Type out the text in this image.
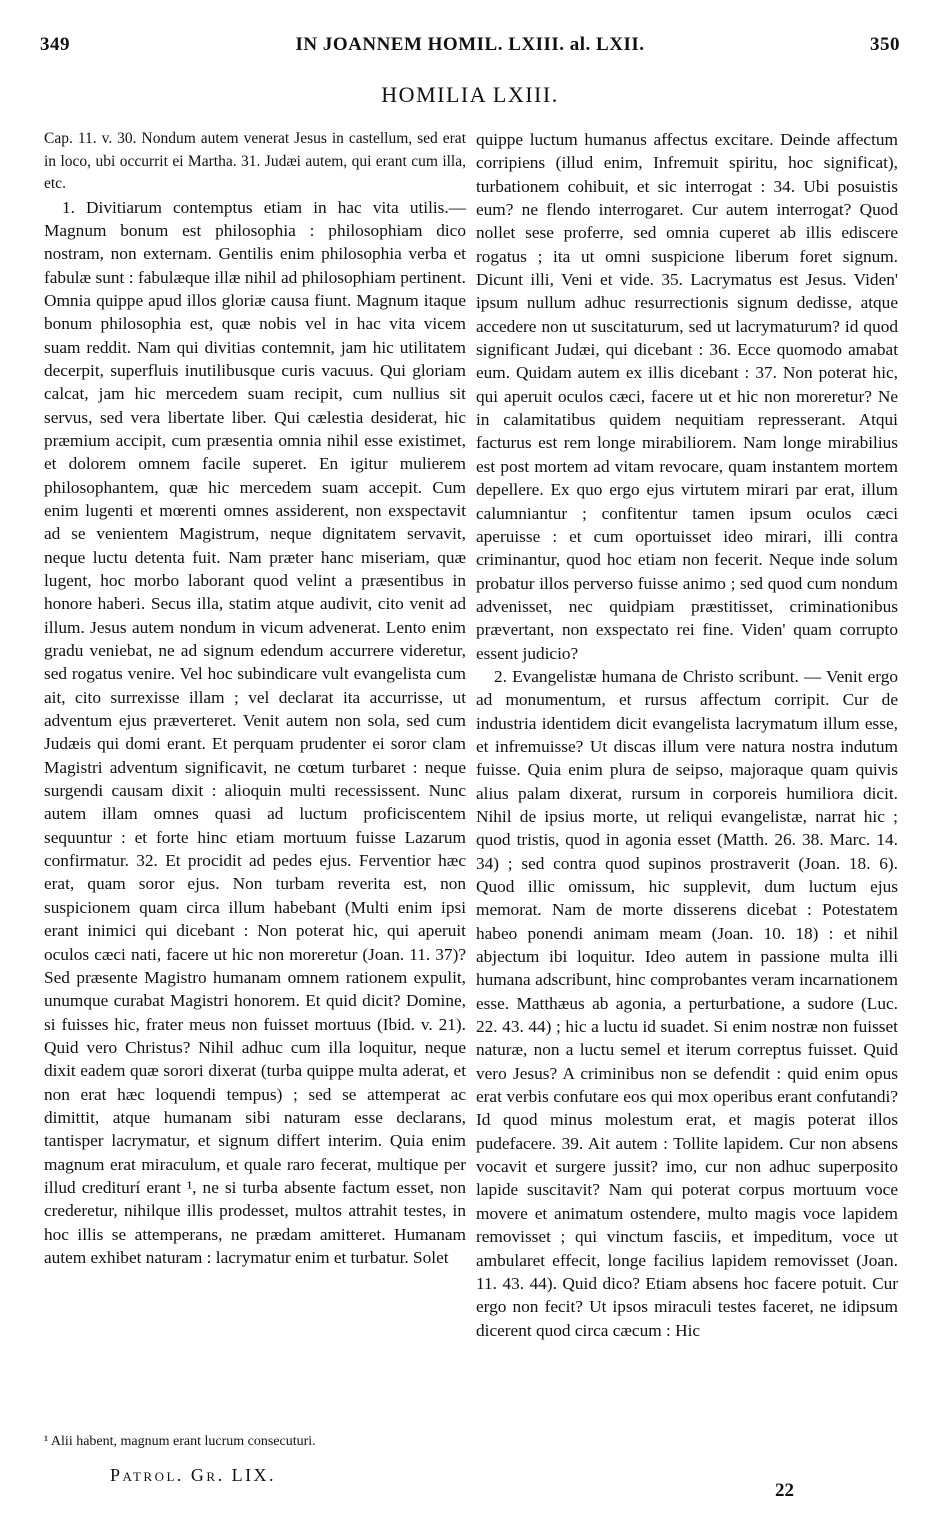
349	IN JOANNEM HOMIL. LXIII. al. LXII.	350
HOMILIA LXIII.

Cap. 11. v. 30. Nondum autem venerat Jesus in castellum, sed erat in loco, ubi occurrit ei Martha. 31. Judæi autem, qui erant cum illa, etc.

1. Divitiarum contemptus etiam in hac vita utilis.— Magnum bonum est philosophia : philosophiam dico nostram, non externam. Gentilis enim philosophia verba et fabulæ sunt : fabulæque illæ nihil ad philosophiam pertinent. Omnia quippe apud illos gloriæ causa fiunt. Magnum itaque bonum philosophia est, quæ nobis vel in hac vita vicem suam reddit. Nam qui divitias contemnit, jam hic utilitatem decerpit, superfluis inutilibusque curis vacuus. Qui gloriam calcat, jam hic mercedem suam recipit, cum nullius sit servus, sed vera libertate liber. Qui cælestia desiderat, hic præmium accipit, cum præsentia omnia nihil esse existimet, et dolorem omnem facile superet. En igitur mulierem philosophantem, quæ hic mercedem suam accepit. Cum enim lugenti et mœrenti omnes assiderent, non exspectavit ad se venientem Magistrum, neque dignitatem servavit, neque luctu detenta fuit. Nam præter hanc miseriam, quæ lugent, hoc morbo laborant quod velint a præsentibus in honore haberi. Secus illa, statim atque audivit, cito venit ad illum. Jesus autem nondum in vicum advenerat. Lento enim gradu veniebat, ne ad signum edendum accurrere videretur, sed rogatus venire. Vel hoc subindicare vult evangelista cum ait, cito surrexisse illam ; vel declarat ita accurrisse, ut adventum ejus præverteret. Venit autem non sola, sed cum Judæis qui domi erant. Et perquam prudenter ei soror clam Magistri adventum significavit, ne cœtum turbaret : neque surgendi causam dixit : alioquin multi recessissent. Nunc autem illam omnes quasi ad luctum proficiscentem sequuntur : et forte hinc etiam mortuum fuisse Lazarum confirmatur. 32. Et procidit ad pedes ejus. Ferventior hæc erat, quam soror ejus. Non turbam reverita est, non suspicionem quam circa illum habebant (Multi enim ipsi erant inimici qui dicebant : Non poterat hic, qui aperuit oculos cæci nati, facere ut hic non moreretur (Joan. 11. 37)? Sed præsente Magistro humanam omnem rationem expulit, unumque curabat Magistri honorem. Et quid dicit? Domine, si fuisses hic, frater meus non fuisset mortuus (Ibid. v. 21). Quid vero Christus? Nihil adhuc cum illa loquitur, neque dixit eadem quæ sorori dixerat (turba quippe multa aderat, et non erat hæc loquendi tempus) ; sed se attemperat ac dimittit, atque humanam sibi naturam esse declarans, tantisper lacrymatur, et signum differt interim. Quia enim magnum erat miraculum, et quale raro fecerat, multique per illud crediturí erant ¹, ne si turba absente factum esset, non crederetur, nihilque illis prodesset, multos attrahit testes, in hoc illis se attemperans, ne prædam amitteret. Humanam autem exhibet naturam : lacrymatur enim et turbatur. Solet

quippe luctum humanus affectus excitare. Deinde affectum corripiens (illud enim, Infremuit spiritu, hoc significat), turbationem cohibuit, et sic interrogat : 34. Ubi posuistis eum? ne flendo interrogaret. Cur autem interrogat? Quod nollet sese proferre, sed omnia cuperet ab illis ediscere rogatus ; ita ut omni suspicione liberum foret signum. Dicunt illi, Veni et vide. 35. Lacrymatus est Jesus. Viden' ipsum nullum adhuc resurrectionis signum dedisse, atque accedere non ut suscitaturum, sed ut lacrymaturum? id quod significant Judæi, qui dicebant : 36. Ecce quomodo amabat eum. Quidam autem ex illis dicebant : 37. Non poterat hic, qui aperuit oculos cæci, facere ut et hic non moreretur? Ne in calamitatibus quidem nequitiam represserant. Atqui facturus est rem longe mirabiliorem. Nam longe mirabilius est post mortem ad vitam revocare, quam instantem mortem depellere. Ex quo ergo ejus virtutem mirari par erat, illum calumniantur ; confitentur tamen ipsum oculos cæci aperuisse : et cum oportuisset ideo mirari, illi contra criminantur, quod hoc etiam non fecerit. Neque inde solum probatur illos perverso fuisse animo ; sed quod cum nondum advenisset, nec quidpiam præstitisset, criminationibus prævertant, non exspectato rei fine. Viden' quam corrupto essent judicio?

2. Evangelistæ humana de Christo scribunt. — Venit ergo ad monumentum, et rursus affectum corripit. Cur de industria identidem dicit evangelista lacrymatum illum esse, et infremuisse? Ut discas illum vere natura nostra indutum fuisse. Quia enim plura de seipso, majoraque quam quivis alius palam dixerat, rursum in corporeis humiliora dicit. Nihil de ipsius morte, ut reliqui evangelistæ, narrat hic ; quod tristis, quod in agonia esset (Matth. 26. 38. Marc. 14. 34) ; sed contra quod supinos prostraverit (Joan. 18. 6). Quod illic omissum, hic supplevit, dum luctum ejus memorat. Nam de morte disserens dicebat : Potestatem habeo ponendi animam meam (Joan. 10. 18) : et nihil abjectum ibi loquitur. Ideo autem in passione multa illi humana adscribunt, hinc comprobantes veram incarnationem esse. Matthæus ab agonia, a perturbatione, a sudore (Luc. 22. 43. 44) ; hic a luctu id suadet. Si enim nostræ non fuisset naturæ, non a luctu semel et iterum correptus fuisset. Quid vero Jesus? A criminibus non se defendit : quid enim opus erat verbis confutare eos qui mox operibus erant confutandi? Id quod minus molestum erat, et magis poterat illos pudefacere. 39. Ait autem : Tollite lapidem. Cur non absens vocavit et surgere jussit? imo, cur non adhuc superposito lapide suscitavit? Nam qui poterat corpus mortuum voce movere et animatum ostendere, multo magis voce lapidem removisset ; qui vinctum fasciis, et impeditum, voce ut ambularet effecit, longe facilius lapidem removisset (Joan. 11. 43. 44). Quid dico? Etiam absens hoc facere potuit. Cur ergo non fecit? Ut ipsos miraculi testes faceret, ne idipsum dicerent quod circa cæcum : Hic

¹ Alii habent, magnum erant lucrum consecuturi.
Patrol. Gr. LIX.
22
